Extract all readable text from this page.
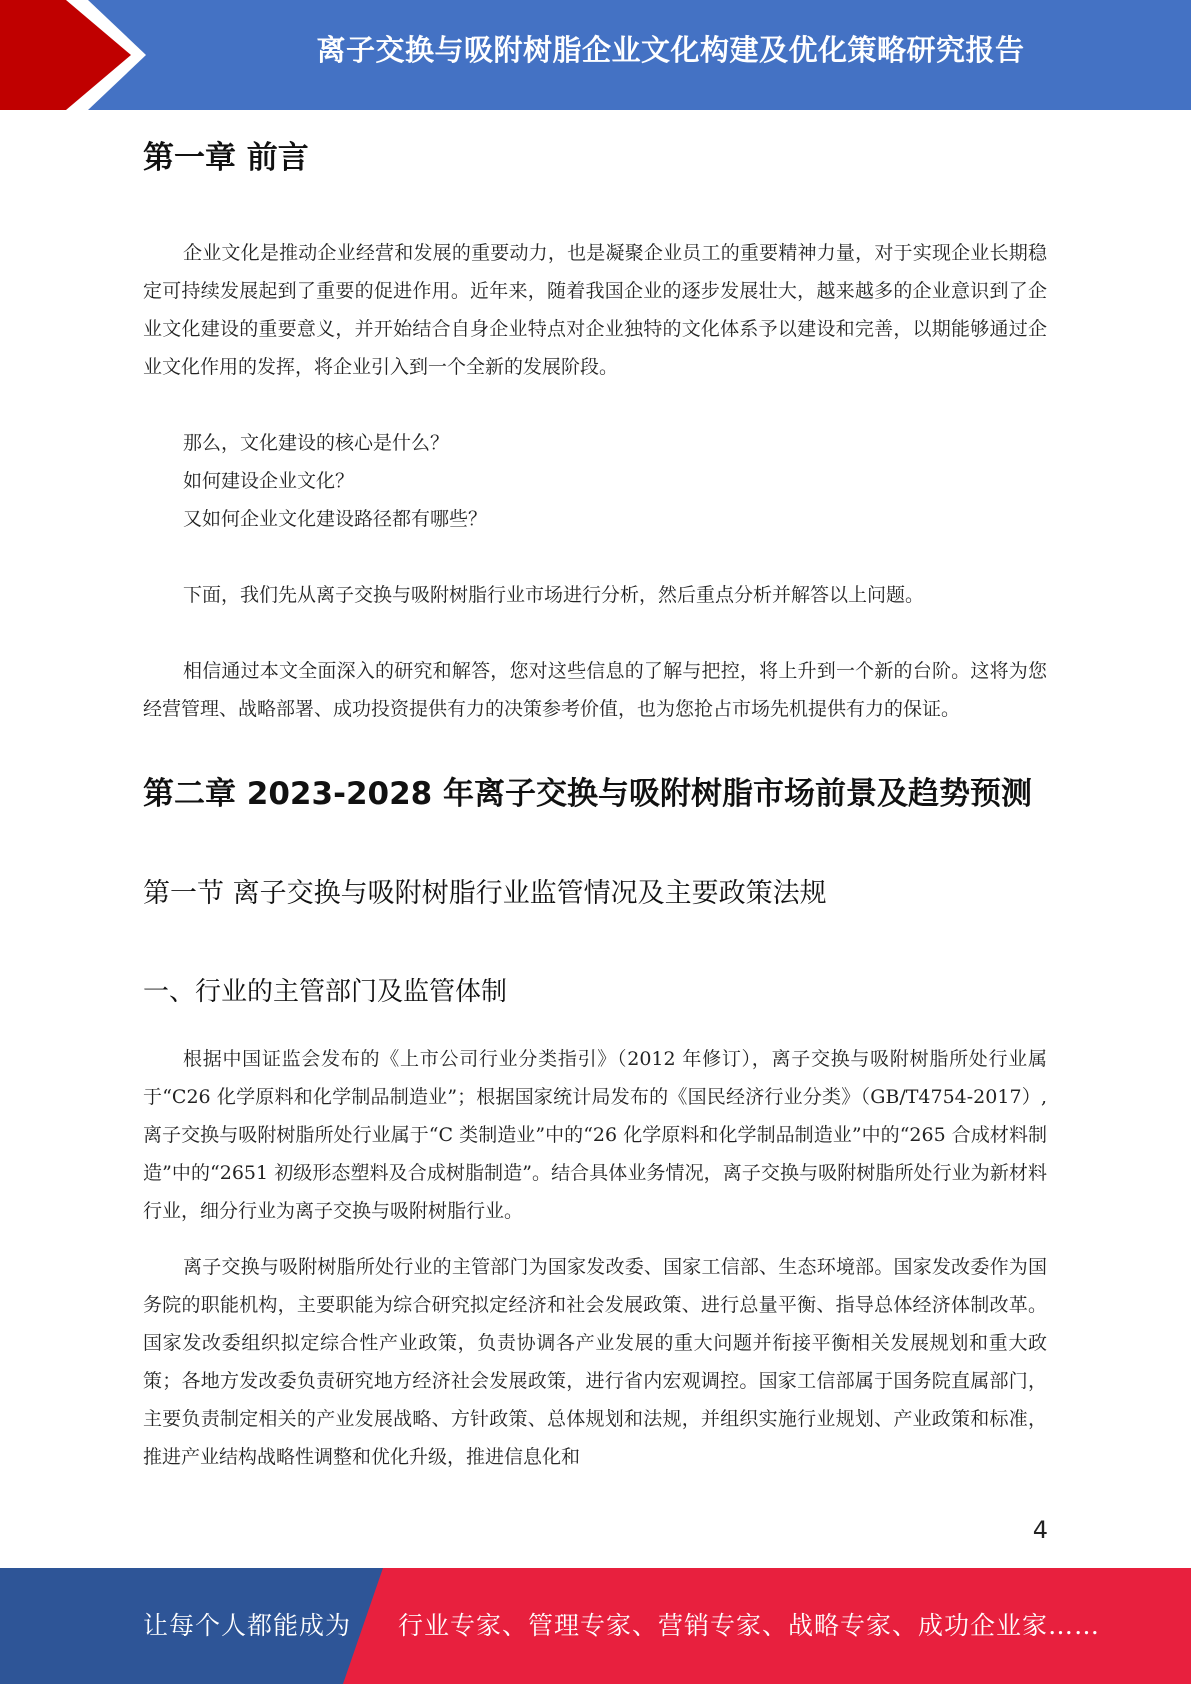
离子交换与吸附树脂企业文化构建及优化策略研究报告
第一章 前言

企业文化是推动企业经营和发展的重要动力，也是凝聚企业员工的重要精神力量，对于实现企业长期稳定可持续发展起到了重要的促进作用。近年来，随着我国企业的逐步发展壮大，越来越多的企业意识到了企业文化建设的重要意义，并开始结合自身企业特点对企业独特的文化体系予以建设和完善，以期能够通过企业文化作用的发挥，将企业引入到一个全新的发展阶段。

那么，文化建设的核心是什么？

如何建设企业文化？

又如何企业文化建设路径都有哪些？

下面，我们先从离子交换与吸附树脂行业市场进行分析，然后重点分析并解答以上问题。

相信通过本文全面深入的研究和解答，您对这些信息的了解与把控，将上升到一个新的台阶。这将为您经营管理、战略部署、成功投资提供有力的决策参考价值，也为您抢占市场先机提供有力的保证。

第二章 2023-2028 年离子交换与吸附树脂市场前景及趋势预测
第一节 离子交换与吸附树脂行业监管情况及主要政策法规
一、行业的主管部门及监管体制

根据中国证监会发布的《上市公司行业分类指引》（2012 年修订），离子交换与吸附树脂所处行业属于“C26 化学原料和化学制品制造业”；根据国家统计局发布的《国民经济行业分类》（GB/T4754-2017）,离子交换与吸附树脂所处行业属于“C 类制造业”中的“26 化学原料和化学制品制造业”中的“265 合成材料制造”中的“2651 初级形态塑料及合成树脂制造”。结合具体业务情况，离子交换与吸附树脂所处行业为新材料行业，细分行业为离子交换与吸附树脂行业。

离子交换与吸附树脂所处行业的主管部门为国家发改委、国家工信部、生态环境部。国家发改委作为国务院的职能机构，主要职能为综合研究拟定经济和社会发展政策、进行总量平衡、指导总体经济体制改革。国家发改委组织拟定综合性产业政策，负责协调各产业发展的重大问题并衔接平衡相关发展规划和重大政策；各地方发改委负责研究地方经济社会发展政策，进行省内宏观调控。国家工信部属于国务院直属部门，主要负责制定相关的产业发展战略、方针政策、总体规划和法规，并组织实施行业规划、产业政策和标准，推进产业结构战略性调整和优化升级，推进信息化和

4
让每个人都能成为 行业专家、管理专家、营销专家、战略专家、成功企业家……
